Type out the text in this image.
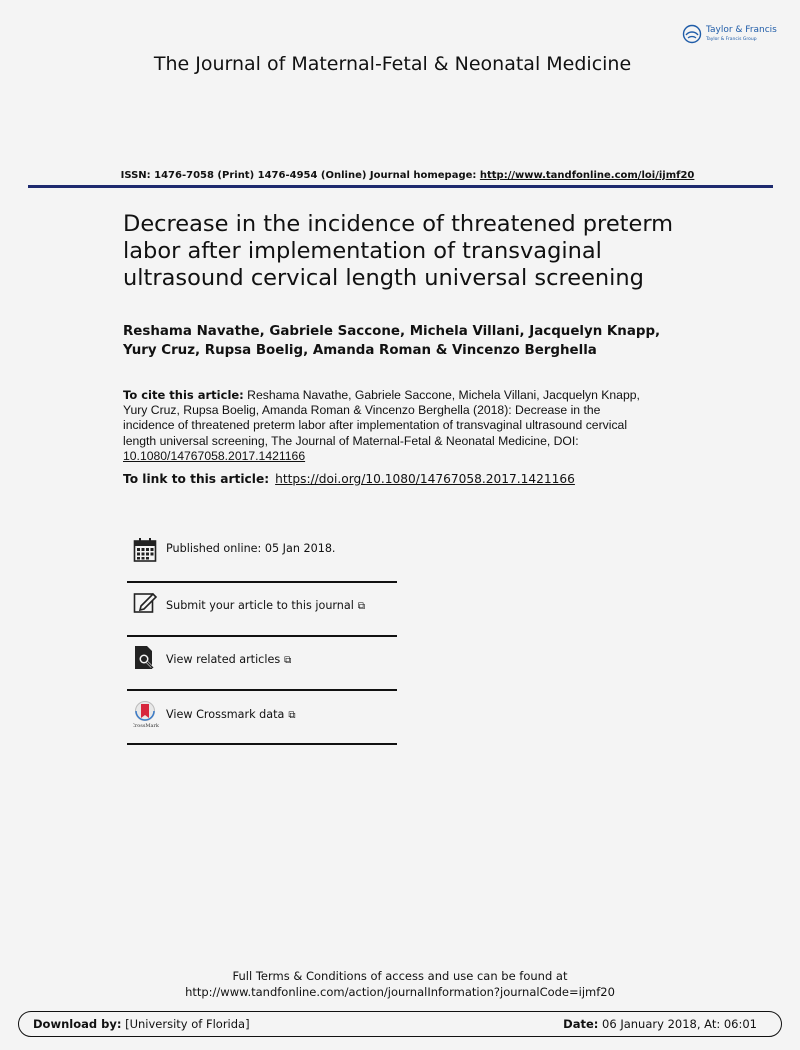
Taylor & Francis
Taylor & Francis Group
The Journal of Maternal-Fetal & Neonatal Medicine
ISSN: 1476-7058 (Print) 1476-4954 (Online) Journal homepage: http://www.tandfonline.com/loi/ijmf20
Decrease in the incidence of threatened preterm
labor after implementation of transvaginal
ultrasound cervical length universal screening
Reshama Navathe, Gabriele Saccone, Michela Villani, Jacquelyn Knapp, Yury Cruz, Rupsa Boelig, Amanda Roman & Vincenzo Berghella
To cite this article: Reshama Navathe, Gabriele Saccone, Michela Villani, Jacquelyn Knapp, Yury Cruz, Rupsa Boelig, Amanda Roman & Vincenzo Berghella (2018): Decrease in the incidence of threatened preterm labor after implementation of transvaginal ultrasound cervical length universal screening, The Journal of Maternal-Fetal & Neonatal Medicine, DOI: 10.1080/14767058.2017.1421166
To link to this article: https://doi.org/10.1080/14767058.2017.1421166
Published online: 05 Jan 2018.
Submit your article to this journal ⧉
View related articles ⧉
CrossMark
View Crossmark data ⧉
Full Terms & Conditions of access and use can be found at
http://www.tandfonline.com/action/journalInformation?journalCode=ijmf20
Download by: [University of Florida]	Date: 06 January 2018, At: 06:01
